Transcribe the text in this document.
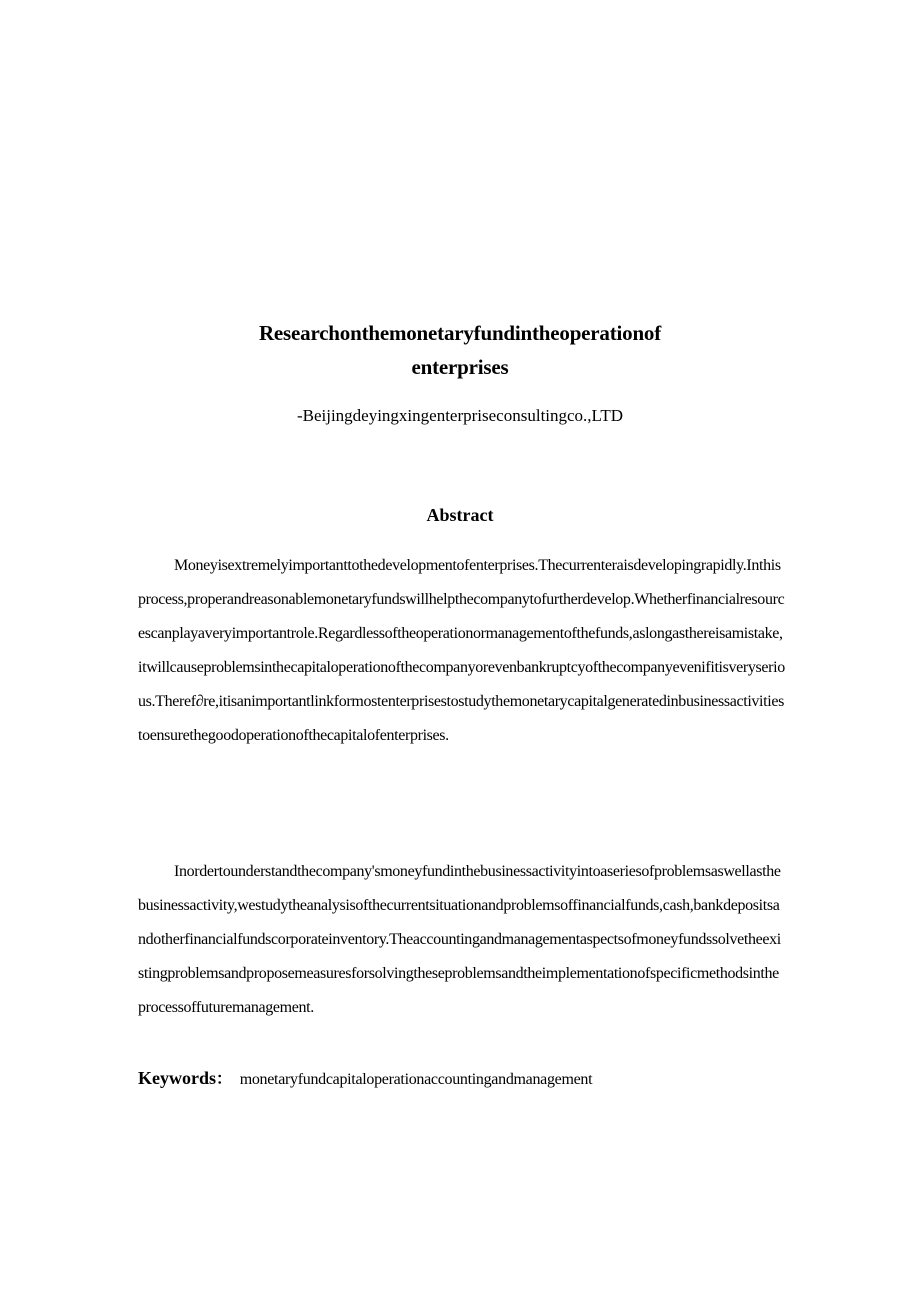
Researchonthemonetaryfundintheoperationof
enterprises
-Beijingdeyingxingenterpriseconsultingco.,LTD
Abstract
Moneyisextremelyimportanttothedevelopmentofenterprises.Thecurrenteraisdevelopingrapidly.Inthisprocess,properandreasonablemonetaryfundswillhelpthecompanytofurtherdevelop.Whetherfinancialresourcescanplayaveryimportantrole.Regardlessoftheoperationormanagementofthefunds,aslongasthereisamistake,itwillcauseproblemsinthecapitaloperationofthecompanyorevenbankruptcyofthecompanyevenifitisveryserious.Theref∂re,itisanimportantlinkformostenterprisestostudythemonetarycapitalgeneratedinbusinessactivitiestoensurethegoodoperationofthecapitalofenterprises.
Inordertounderstandthecompany'smoneyfundinthebusinessactivityintoaseriesofproblemsaswellasthebusinessactivity,westudytheanalysisofthecurrentsituationandproblemsoffinancialfunds,cash,bankdepositsandotherfinancialfundscorporateinventory.Theaccountingandmanagementaspectsofmoneyfundssolvetheexistingproblemsandproposemeasuresforsolvingtheseproblemsandtheimplementationofspecificmethodsintheprocessoffuturemanagement.
Keywords： monetaryfundcapitaloperationaccountingandmanagement
